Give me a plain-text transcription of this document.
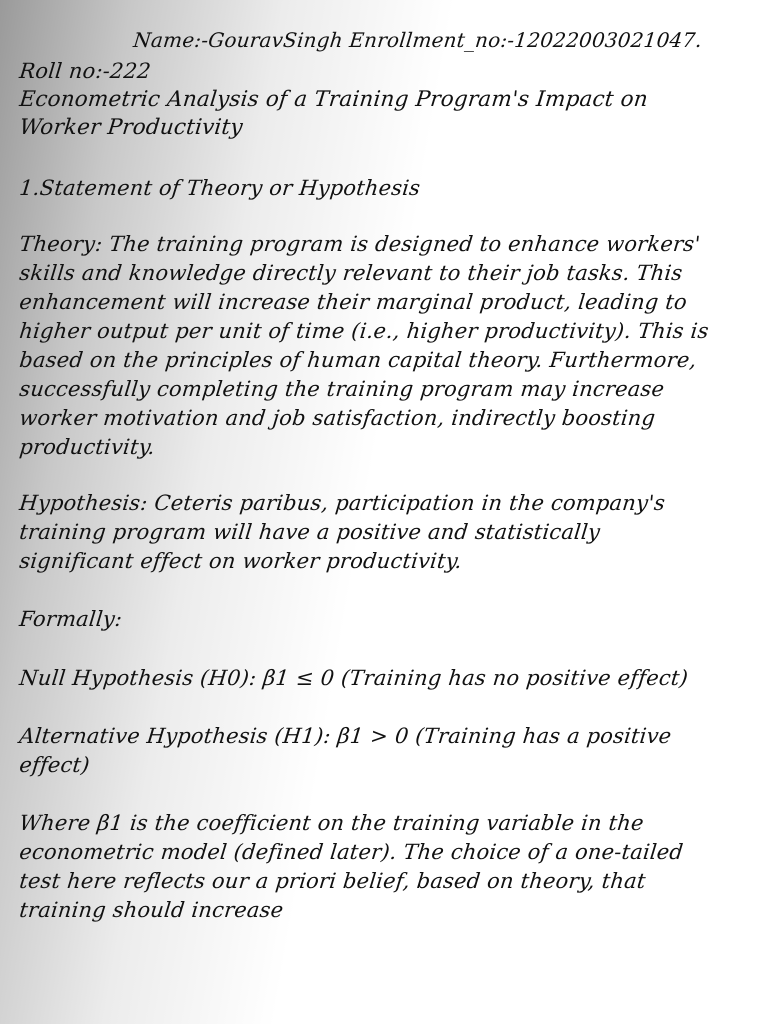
Name:-GouravSingh Enrollment_no:-12022003021047.
Roll no:-222
Econometric Analysis of a Training Program's Impact on
Worker Productivity
1.Statement of Theory or Hypothesis
Theory: The training program is designed to enhance workers'
skills and knowledge directly relevant to their job tasks. This
enhancement will increase their marginal product, leading to
higher output per unit of time (i.e., higher productivity). This is
based on the principles of human capital theory. Furthermore,
successfully completing the training program may increase
worker motivation and job satisfaction, indirectly boosting
productivity.
Hypothesis: Ceteris paribus, participation in the company's
training program will have a positive and statistically
significant effect on worker productivity.
Formally:
Null Hypothesis (H0): β1 ≤ 0 (Training has no positive effect)
Alternative Hypothesis (H1): β1 > 0 (Training has a positive
effect)
Where β1 is the coefficient on the training variable in the
econometric model (defined later). The choice of a one-tailed
test here reflects our a priori belief, based on theory, that
training should increase
